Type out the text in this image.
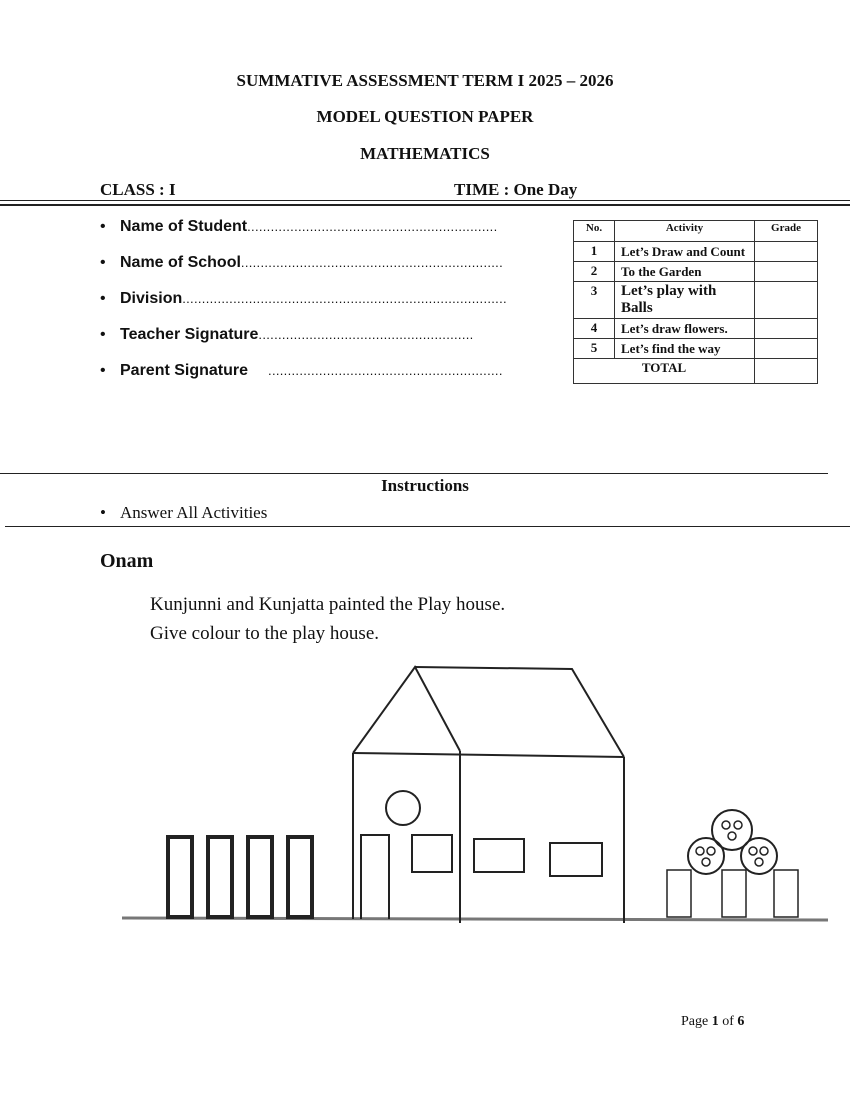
SUMMATIVE ASSESSMENT TERM I 2025 – 2026
MODEL QUESTION PAPER
MATHEMATICS
CLASS : I	TIME : One Day
• Name of Student................................................................
• Name of School...................................................................
• Division...................................................................................
• Teacher Signature.......................................................
• Parent Signature ............................................................
No.	Activity	Grade
1	Let’s Draw and Count	
2	To the Garden	
3	Let’s play with Balls	
4	Let’s draw flowers.	
5	Let’s find the way	
TOTAL		
Instructions
• Answer All Activities
Onam
Kunjunni and Kunjatta painted the Play house.
Give colour to the play house.
Page 1 of 6
